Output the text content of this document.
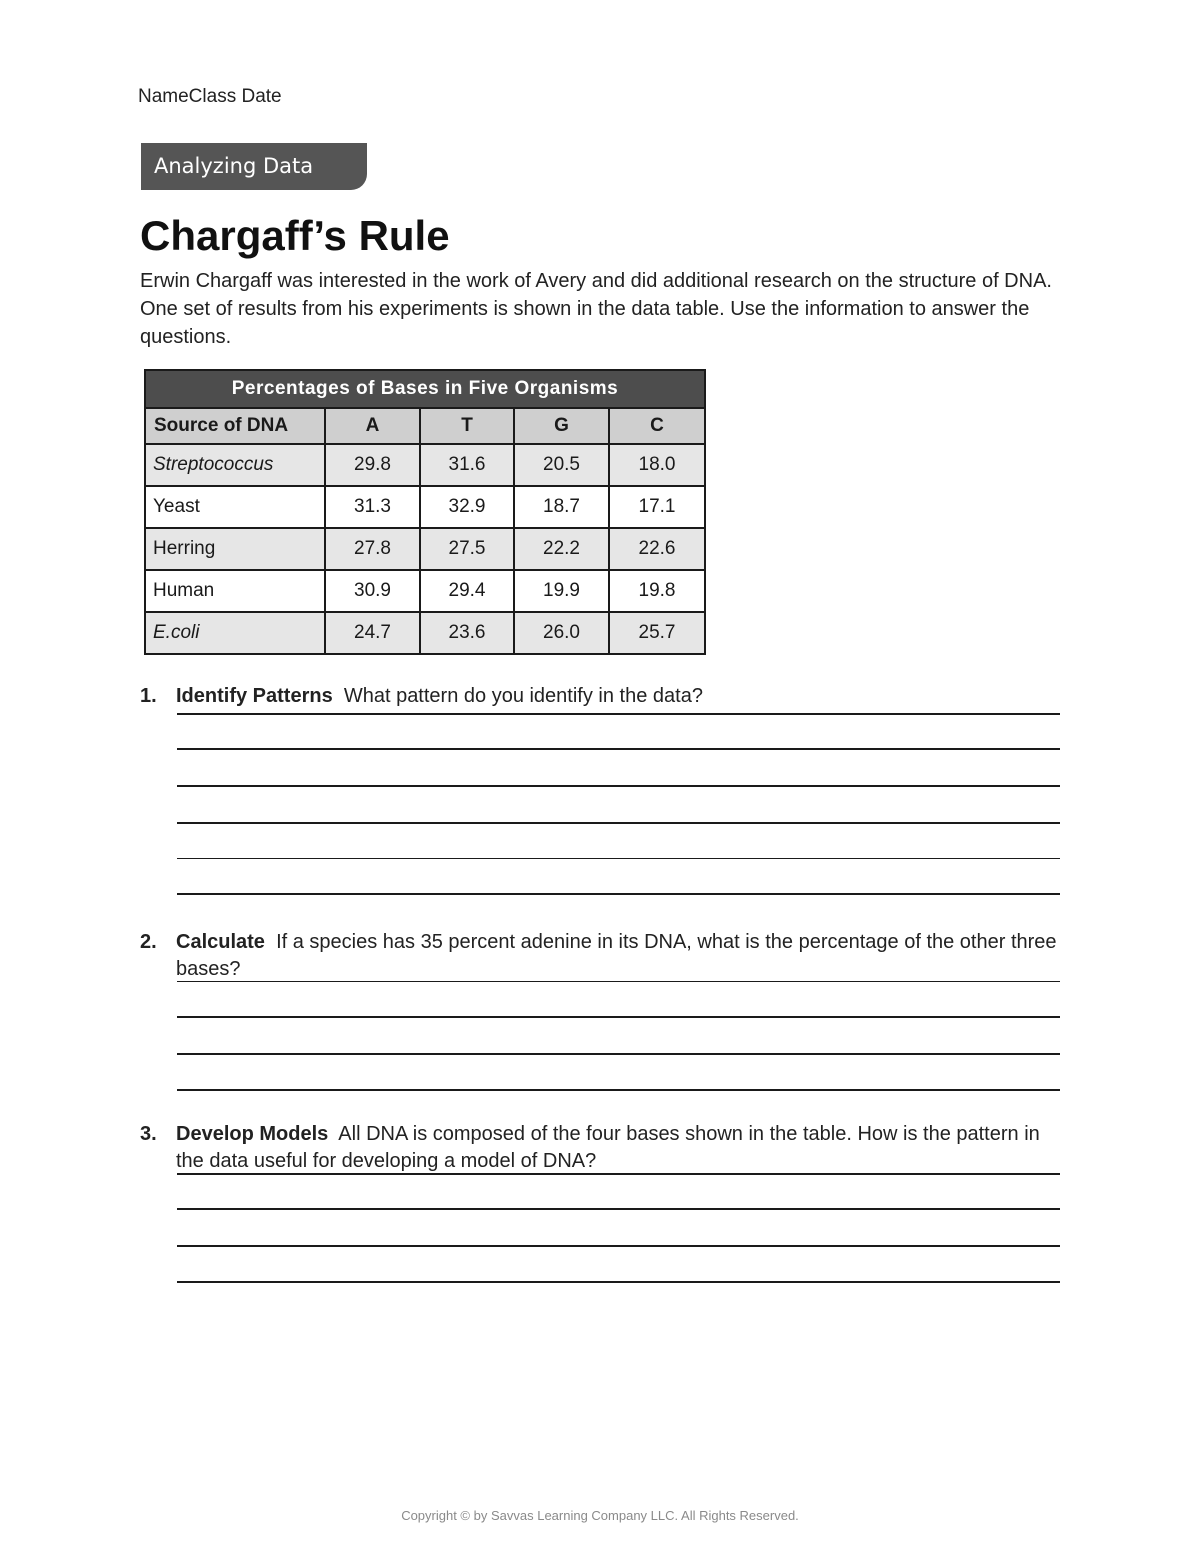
NameClass Date
Analyzing Data
Chargaff’s Rule

Erwin Chargaff was interested in the work of Avery and did additional research on the structure of DNA. One set of results from his experiments is shown in the data table. Use the information to answer the questions.

Percentages of Bases in Five Organisms				
Source of DNA	A	T	G	C
Streptococcus	29.8	31.6	20.5	18.0
Yeast	31.3	32.9	18.7	17.1
Herring	27.8	27.5	22.2	22.6
Human	30.9	29.4	19.9	19.8
E.coli	24.7	23.6	26.0	25.7
1. Identify Patterns What pattern do you identify in the data?
2. Calculate If a species has 35 percent adenine in its DNA, what is the percentage of the other three bases?
3. Develop Models All DNA is composed of the four bases shown in the table. How is the pattern in the data useful for developing a model of DNA?
Copyright © by Savvas Learning Company LLC. All Rights Reserved.
